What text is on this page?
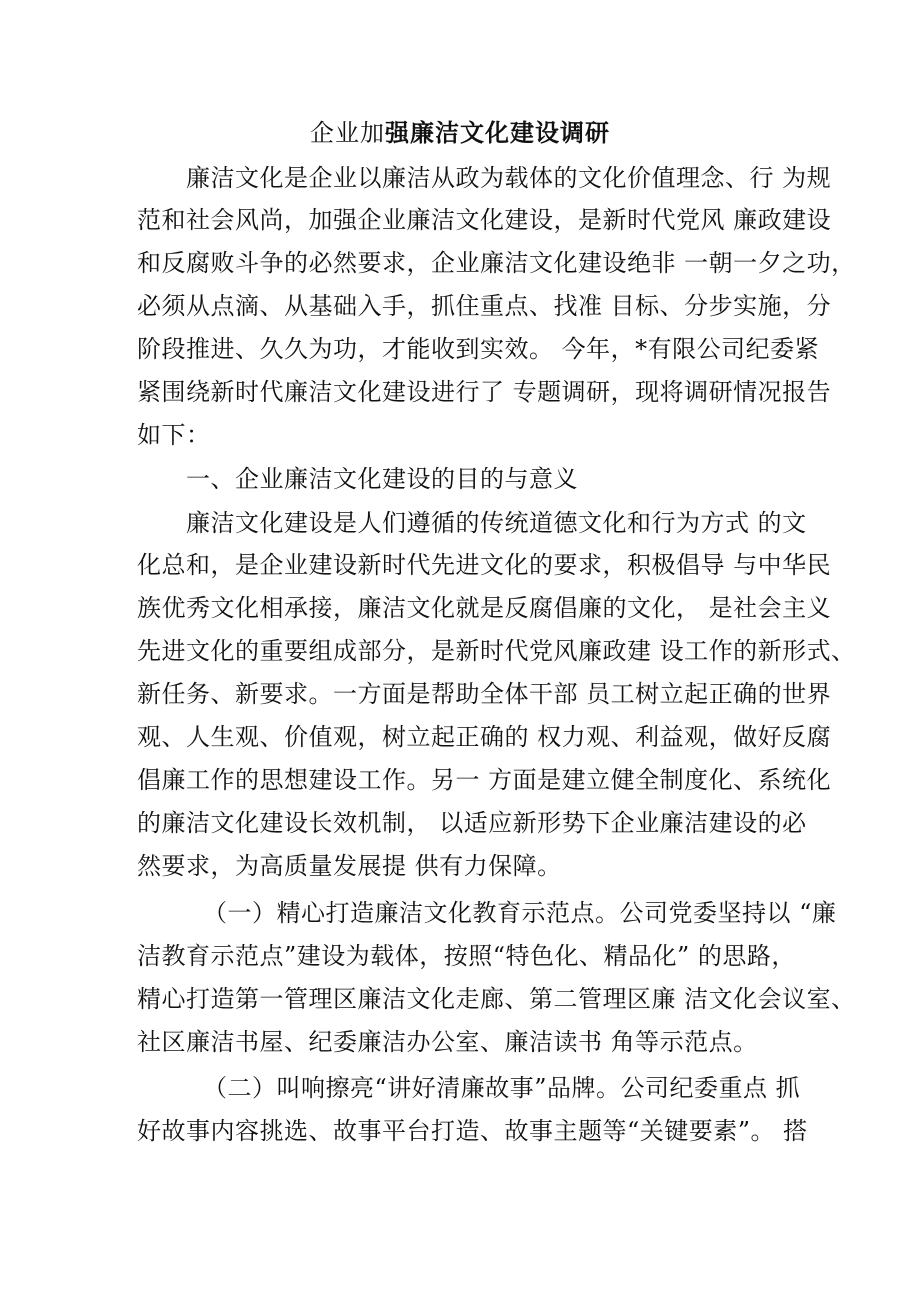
企业加强廉洁文化建设调研
廉洁文化是企业以廉洁从政为载体的文化价值理念、行 为规
范和社会风尚，加强企业廉洁文化建设，是新时代党风 廉政建设
和反腐败斗争的必然要求，企业廉洁文化建设绝非 一朝一夕之功，
必须从点滴、从基础入手，抓住重点、找准 目标、分步实施，分
阶段推进、久久为功，才能收到实效。 今年，*有限公司纪委紧
紧围绕新时代廉洁文化建设进行了 专题调研，现将调研情况报告
如下：
一、企业廉洁文化建设的目的与意义
廉洁文化建设是人们遵循的传统道德文化和行为方式 的文
化总和，是企业建设新时代先进文化的要求，积极倡导 与中华民
族优秀文化相承接，廉洁文化就是反腐倡廉的文化， 是社会主义
先进文化的重要组成部分，是新时代党风廉政建 设工作的新形式、
新任务、新要求。一方面是帮助全体干部 员工树立起正确的世界
观、人生观、价值观，树立起正确的 权力观、利益观，做好反腐
倡廉工作的思想建设工作。另一 方面是建立健全制度化、系统化
的廉洁文化建设长效机制， 以适应新形势下企业廉洁建设的必
然要求，为高质量发展提 供有力保障。
（一）精心打造廉洁文化教育示范点。公司党委坚持以 “廉
洁教育示范点”建设为载体，按照“特色化、精品化” 的思路，
精心打造第一管理区廉洁文化走廊、第二管理区廉 洁文化会议室、
社区廉洁书屋、纪委廉洁办公室、廉洁读书 角等示范点。
（二）叫响擦亮“讲好清廉故事”品牌。公司纪委重点 抓
好故事内容挑选、故事平台打造、故事主题等“关键要素”。 搭
